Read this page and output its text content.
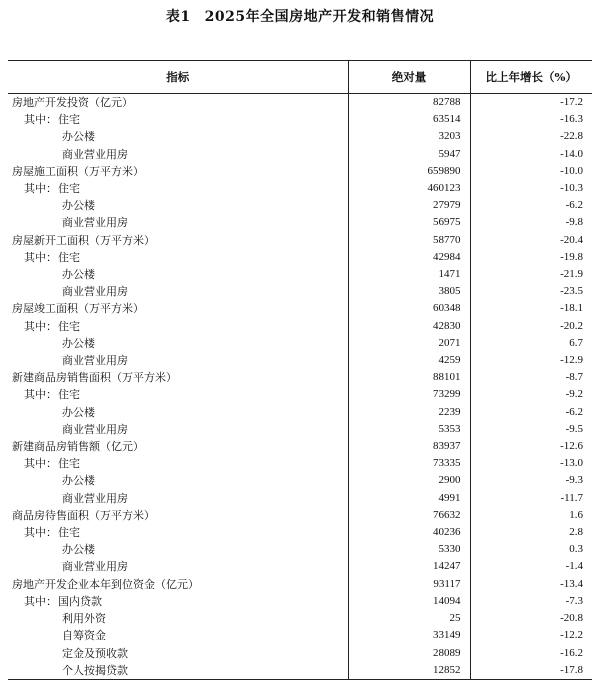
表1 2025年全国房地产开发和销售情况
指标	绝对量	比上年增长（%）
房地产开发投资（亿元）	82788	-17.2
其中：住宅	63514	-16.3
办公楼	3203	-22.8
商业营业用房	5947	-14.0
房屋施工面积（万平方米）	659890	-10.0
其中：住宅	460123	-10.3
办公楼	27979	-6.2
商业营业用房	56975	-9.8
房屋新开工面积（万平方米）	58770	-20.4
其中：住宅	42984	-19.8
办公楼	1471	-21.9
商业营业用房	3805	-23.5
房屋竣工面积（万平方米）	60348	-18.1
其中：住宅	42830	-20.2
办公楼	2071	6.7
商业营业用房	4259	-12.9
新建商品房销售面积（万平方米）	88101	-8.7
其中：住宅	73299	-9.2
办公楼	2239	-6.2
商业营业用房	5353	-9.5
新建商品房销售额（亿元）	83937	-12.6
其中：住宅	73335	-13.0
办公楼	2900	-9.3
商业营业用房	4991	-11.7
商品房待售面积（万平方米）	76632	1.6
其中：住宅	40236	2.8
办公楼	5330	0.3
商业营业用房	14247	-1.4
房地产开发企业本年到位资金（亿元）	93117	-13.4
其中：国内贷款	14094	-7.3
利用外资	25	-20.8
自筹资金	33149	-12.2
定金及预收款	28089	-16.2
个人按揭贷款	12852	-17.8
